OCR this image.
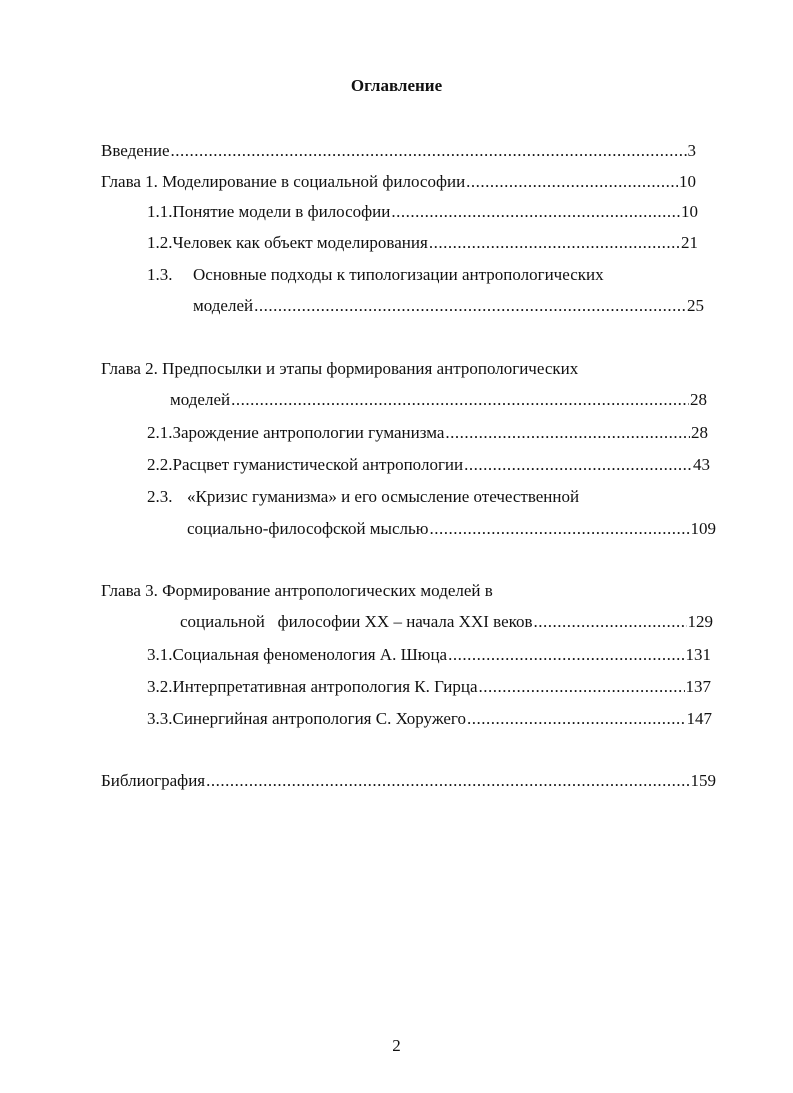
Оглавление
Введение .....	3
Глава 1. Моделирование в социальной философии .....	10
1.1. Понятие модели в философии .....	10
1.2. Человек как объект моделирования .....	21
1.3. Основные подходы к типологизации антропологических
моделей .....	25
Глава 2. Предпосылки и этапы формирования антропологических
моделей .....	28
2.1. Зарождение антропологии гуманизма .....	28
2.2. Расцвет гуманистической антропологии .....	43
2.3. «Кризис гуманизма» и его осмысление отечественной
социально-философской мыслью .....	109
Глава 3. Формирование антропологических моделей в
социальной   философии XX – начала XXI веков .....	129
3.1. Социальная феноменология А. Шюца .....	131
3.2. Интерпретативная антропология К. Гирца .....	137
3.3. Синергийная антропология С. Хоружего .....	147
Библиография .....	159
2
